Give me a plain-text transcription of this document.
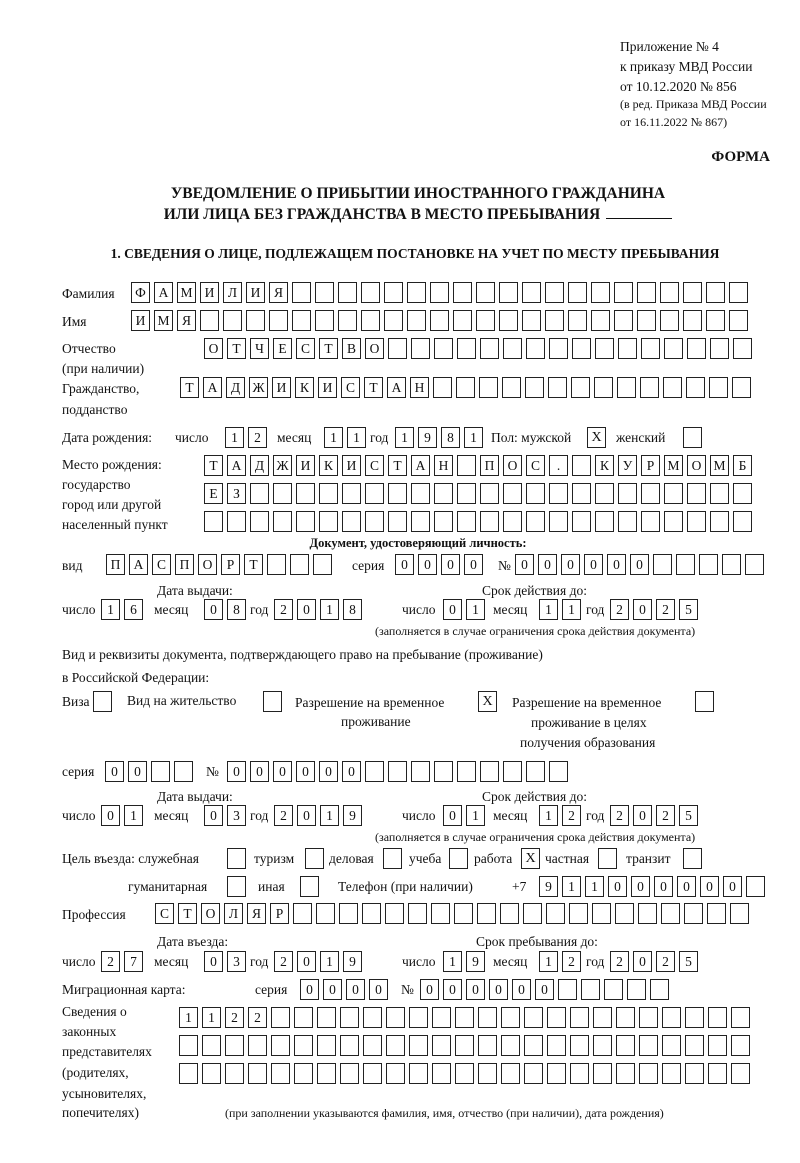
Приложение № 4
к приказу МВД России
от 10.12.2020 № 856
(в ред. Приказа МВД России
от 16.11.2022 № 867)
ФОРМА
УВЕДОМЛЕНИЕ О ПРИБЫТИИ ИНОСТРАННОГО ГРАЖДАНИНА
ИЛИ ЛИЦА БЕЗ ГРАЖДАНСТВА В МЕСТО ПРЕБЫВАНИЯ
1. СВЕДЕНИЯ О ЛИЦЕ, ПОДЛЕЖАЩЕМ ПОСТАНОВКЕ НА УЧЕТ ПО МЕСТУ ПРЕБЫВАНИЯ
Фамилия	Ф А М И	Л	И	Я
Имя	И М Я
Отчество
(при наличии)
О	Т	Ч	Е	С	Т	В	О
Гражданство,
подданство
Т	А	Д Ж И	К	И	С	Т	А Н
Дата рождения: число	1	2	месяц	1	1 год 1	9	8	1	Пол: мужской	X	женский
Место рождения:
государство
город или другой
населенный пункт
Т	А	Д Ж И	К	И	С	Т	А Н	П О	С	.	К	У	Р М О М Б
Е	З
Документ, удостоверяющий личность:
вид	П А	С	П О	Р	Т	серия	0	0	0	0	№ 0	0	0	0	0	0
Дата выдачи:	Срок действия до:
число 1	6	месяц	0	8 год 2	0	1	8	число	0	1	месяц	1	1 год 2	0	2	5
(заполняется в случае ограничения срока действия документа)
Вид и реквизиты документа, подтверждающего право на пребывание (проживание)
в Российской Федерации:
Виза	Вид на жительство	Разрешение на временное
проживание
X	Разрешение на временное
проживание в целях
получения образования
серия	0	0	№	0	0	0	0	0	0
Дата выдачи:	Срок действия до:
число 0	1	месяц	0	3 год 2	0	1	9	число	0	1	месяц	1	2 год 2	0	2	5
(заполняется в случае ограничения срока действия документа)
Цель въезда: служебная	туризм	деловая	учеба работа X частная	транзит
гуманитарная	иная	Телефон (при наличии)	+7	9	1	1	0	0	0	0	0	0
Профессия	С	Т	О	Л	Я	Р
Дата въезда:	Срок пребывания до:
число 2	7	месяц	0	3 год 2	0	1	9	число	1	9	месяц	1	2 год 2	0	2	5
Миграционная карта:	серия	0	0	0	0	№ 0	0	0	0	0	0
Сведения о
законных
представителях
(родителях,
усыновителях,
попечителях)
1	1	2	2
(при заполнении указываются фамилия, имя, отчество (при наличии), дата рождения)
